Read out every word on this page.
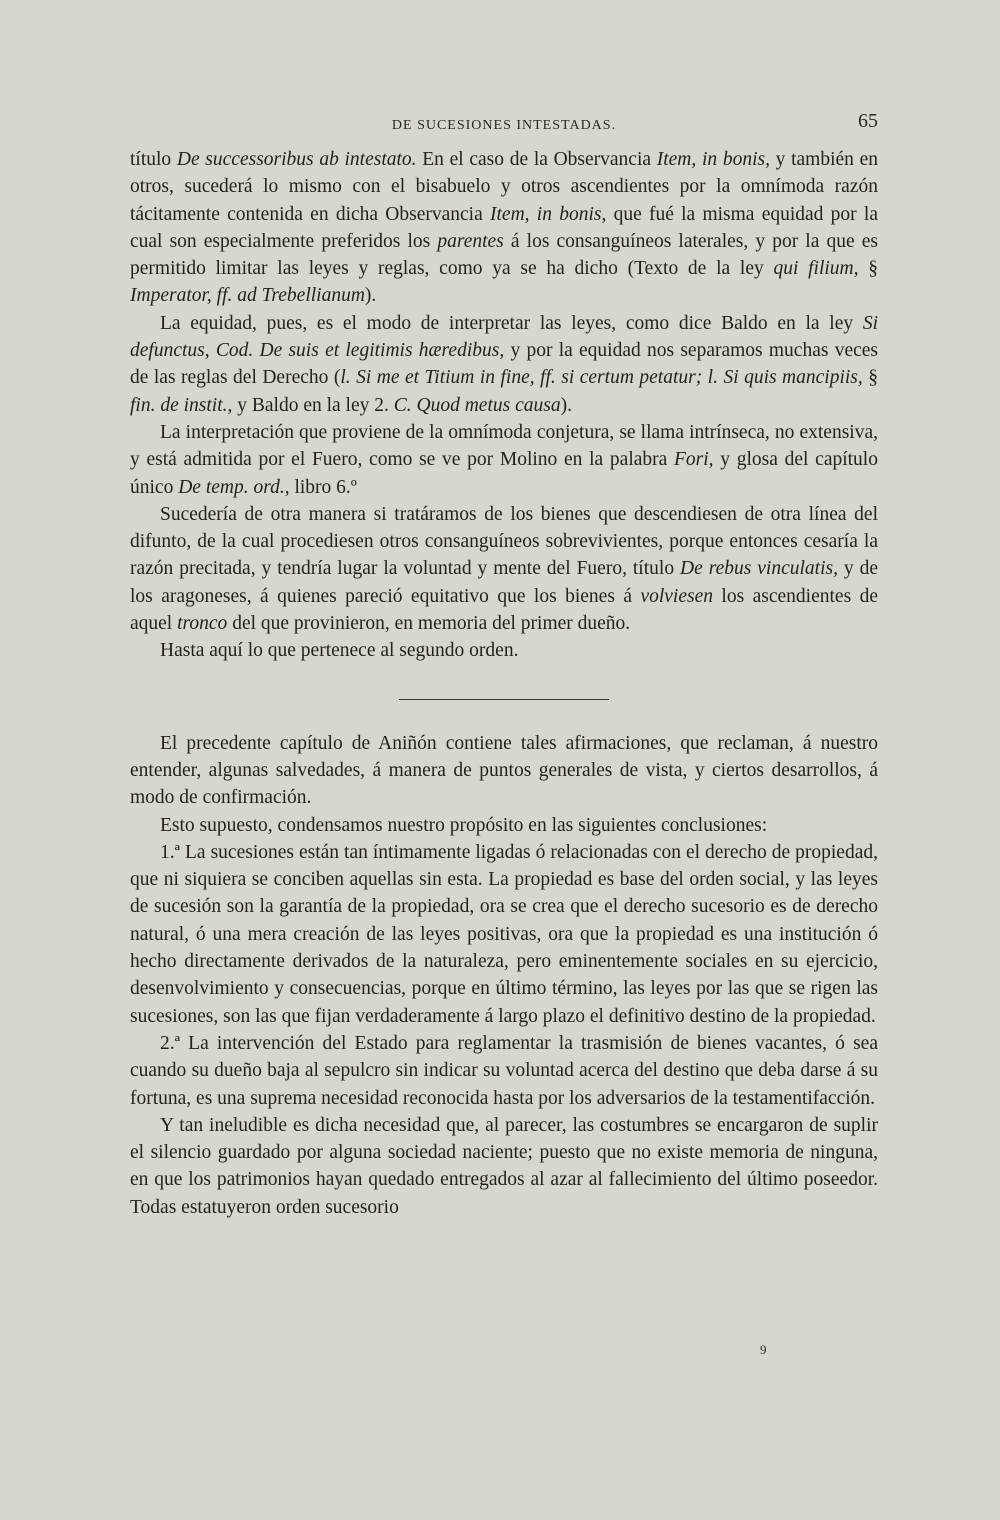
DE SUCESIONES INTESTADAS.	65

título De successoribus ab intestato. En el caso de la Observancia Item, in bonis, y también en otros, sucederá lo mismo con el bisabuelo y otros ascendientes por la omnímoda razón tácitamente contenida en dicha Observancia Item, in bonis, que fué la misma equidad por la cual son especialmente preferidos los parentes á los consanguíneos laterales, y por la que es permitido limitar las leyes y reglas, como ya se ha dicho (Texto de la ley qui filium, § Imperator, ff. ad Trebellianum).

La equidad, pues, es el modo de interpretar las leyes, como dice Baldo en la ley Si defunctus, Cod. De suis et legitimis hæredibus, y por la equidad nos separamos muchas veces de las reglas del Derecho (l. Si me et Titium in fine, ff. si certum petatur; l. Si quis mancipiis, § fin. de instit., y Baldo en la ley 2. C. Quod metus causa).

La interpretación que proviene de la omnímoda conjetura, se llama intrínseca, no extensiva, y está admitida por el Fuero, como se ve por Molino en la palabra Fori, y glosa del capítulo único De temp. ord., libro 6.º

Sucedería de otra manera si tratáramos de los bienes que descendiesen de otra línea del difunto, de la cual procediesen otros consanguíneos sobrevivientes, porque entonces cesaría la razón precitada, y tendría lugar la voluntad y mente del Fuero, título De rebus vinculatis, y de los aragoneses, á quienes pareció equitativo que los bienes á volviesen los ascendientes de aquel tronco del que provinieron, en memoria del primer dueño.

Hasta aquí lo que pertenece al segundo orden.

El precedente capítulo de Aniñón contiene tales afirmaciones, que reclaman, á nuestro entender, algunas salvedades, á manera de puntos generales de vista, y ciertos desarrollos, á modo de confirmación.

Esto supuesto, condensamos nuestro propósito en las siguientes conclusiones:

1.ª La sucesiones están tan íntimamente ligadas ó relacionadas con el derecho de propiedad, que ni siquiera se conciben aquellas sin esta. La propiedad es base del orden social, y las leyes de sucesión son la garantía de la propiedad, ora se crea que el derecho sucesorio es de derecho natural, ó una mera creación de las leyes positivas, ora que la propiedad es una institución ó hecho directamente derivados de la naturaleza, pero eminentemente sociales en su ejercicio, desenvolvimiento y consecuencias, porque en último término, las leyes por las que se rigen las sucesiones, son las que fijan verdaderamente á largo plazo el definitivo destino de la propiedad.

2.ª La intervención del Estado para reglamentar la trasmisión de bienes vacantes, ó sea cuando su dueño baja al sepulcro sin indicar su voluntad acerca del destino que deba darse á su fortuna, es una suprema necesidad reconocida hasta por los adversarios de la testamentifacción.

Y tan ineludible es dicha necesidad que, al parecer, las costumbres se encargaron de suplir el silencio guardado por alguna sociedad naciente; puesto que no existe memoria de ninguna, en que los patrimonios hayan quedado entregados al azar al fallecimiento del último poseedor. Todas estatuyeron orden sucesorio

9
